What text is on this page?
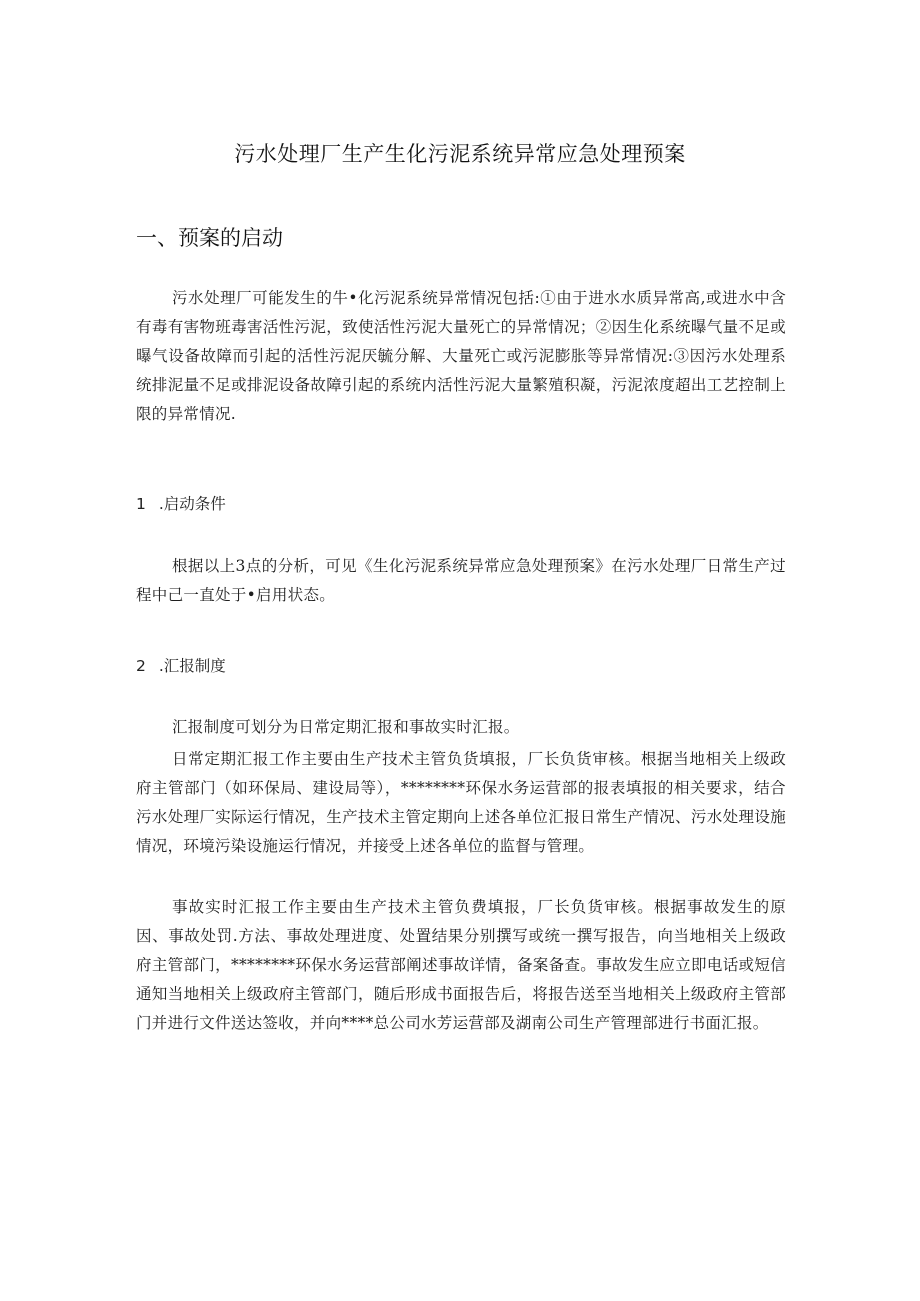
污水处理厂生产生化污泥系统异常应急处理预案
一、预案的启动

污水处理厂可能发生的牛•化污泥系统异常情况包括:①由于进水水质异常高,或进水中含有毒有害物班毒害活性污泥，致使活性污泥大量死亡的异常情况；②因生化系统曝气量不足或曝气设备故障而引起的活性污泥厌毓分解、大量死亡或污泥膨胀等异常情况:③因污水处理系统排泥量不足或排泥设备故障引起的系统内活性污泥大量繁殖积凝，污泥浓度超出工艺控制上限的异常情况.

1 .启动条件

根据以上3点的分析，可见《生化污泥系统异常应急处理预案》在污水处理厂日常生产过程中己一直处于•启用状态。

2 .汇报制度

汇报制度可划分为日常定期汇报和事故实时汇报。

日常定期汇报工作主要由生产技术主管负货填报，厂长负货审核。根据当地相关上级政府主管部门（如环保局、建设局等），********环保水务运营部的报表填报的相关要求，结合污水处理厂实际运行情况，生产技术主管定期向上述各单位汇报日常生产情况、污水处理设施情况，环境污染设施运行情况，并接受上述各单位的监督与管理。

事故实时汇报工作主要由生产技术主管负费填报，厂长负货审核。根据事故发生的原因、事故处罚.方法、事故处理进度、处置结果分别撰写或统一撰写报告，向当地相关上级政府主管部门，********环保水务运营部阐述事故详情，备案备查。事故发生应立即电话或短信通知当地相关上级政府主管部门，随后形成书面报告后，将报告送至当地相关上级政府主管部门并进行文件送达签收，并向****总公司水芳运营部及湖南公司生产管理部进行书面汇报。
